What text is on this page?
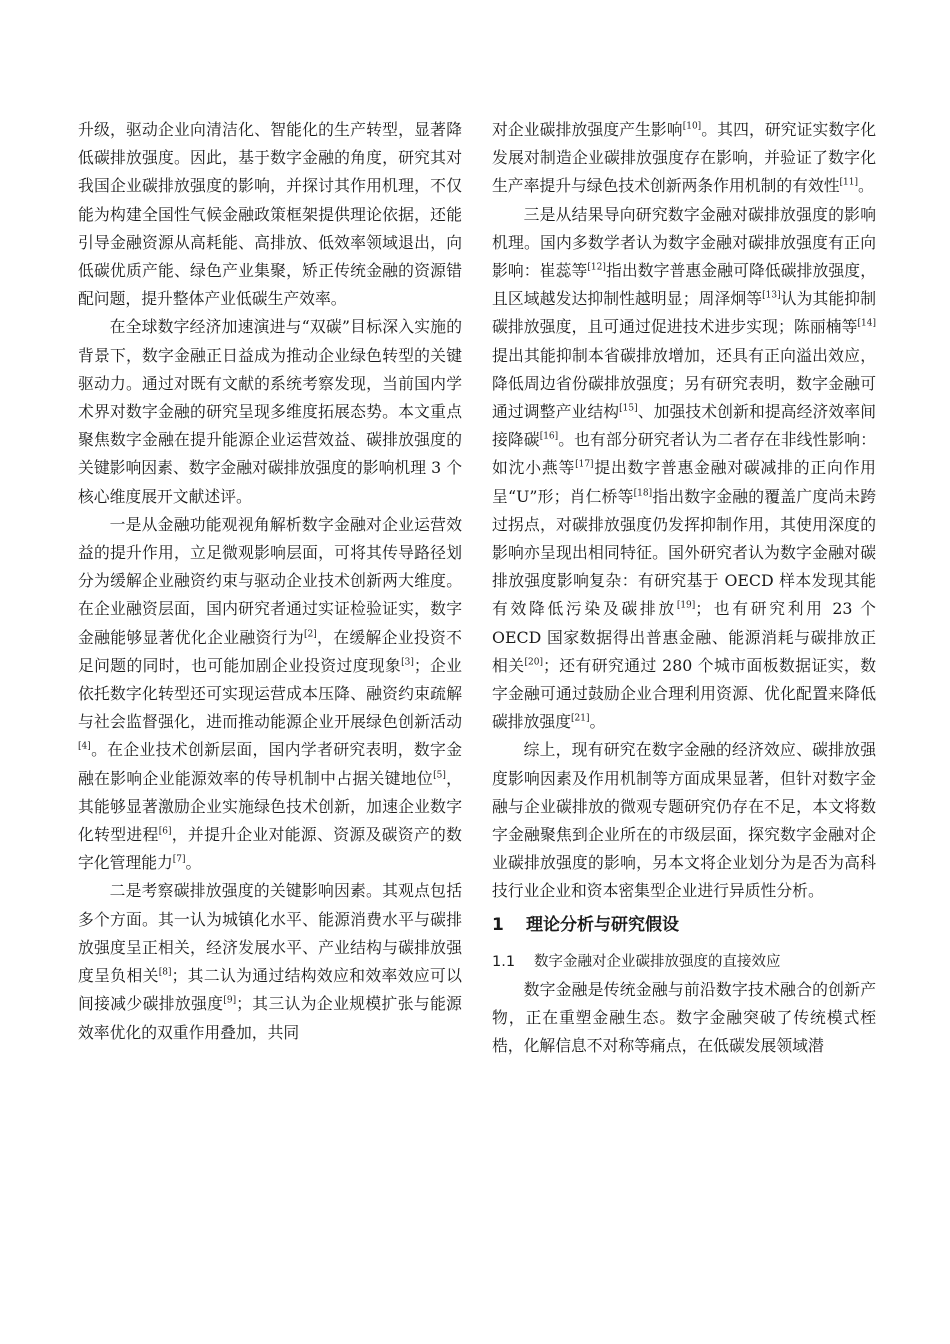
升级，驱动企业向清洁化、智能化的生产转型，显著降低碳排放强度。因此，基于数字金融的角度，研究其对我国企业碳排放强度的影响，并探讨其作用机理，不仅能为构建全国性气候金融政策框架提供理论依据，还能引导金融资源从高耗能、高排放、低效率领域退出，向低碳优质产能、绿色产业集聚，矫正传统金融的资源错配问题，提升整体产业低碳生产效率。

在全球数字经济加速演进与“双碳”目标深入实施的背景下，数字金融正日益成为推动企业绿色转型的关键驱动力。通过对既有文献的系统考察发现，当前国内学术界对数字金融的研究呈现多维度拓展态势。本文重点聚焦数字金融在提升能源企业运营效益、碳排放强度的关键影响因素、数字金融对碳排放强度的影响机理 3 个核心维度展开文献述评。

一是从金融功能观视角解析数字金融对企业运营效益的提升作用，立足微观影响层面，可将其传导路径划分为缓解企业融资约束与驱动企业技术创新两大维度。在企业融资层面，国内研究者通过实证检验证实，数字金融能够显著优化企业融资行为[2]，在缓解企业投资不足问题的同时，也可能加剧企业投资过度现象[3]；企业依托数字化转型还可实现运营成本压降、融资约束疏解与社会监督强化，进而推动能源企业开展绿色创新活动[4]。在企业技术创新层面，国内学者研究表明，数字金融在影响企业能源效率的传导机制中占据关键地位[5]，其能够显著激励企业实施绿色技术创新，加速企业数字化转型进程[6]，并提升企业对能源、资源及碳资产的数字化管理能力[7]。

二是考察碳排放强度的关键影响因素。其观点包括多个方面。其一认为城镇化水平、能源消费水平与碳排放强度呈正相关，经济发展水平、产业结构与碳排放强度呈负相关[8]；其二认为通过结构效应和效率效应可以间接减少碳排放强度[9]；其三认为企业规模扩张与能源效率优化的双重作用叠加，共同

对企业碳排放强度产生影响[10]。其四，研究证实数字化发展对制造企业碳排放强度存在影响，并验证了数字化生产率提升与绿色技术创新两条作用机制的有效性[11]。

三是从结果导向研究数字金融对碳排放强度的影响机理。国内多数学者认为数字金融对碳排放强度有正向影响：崔蕊等[12]指出数字普惠金融可降低碳排放强度，且区域越发达抑制性越明显；周泽炯等[13]认为其能抑制碳排放强度，且可通过促进技术进步实现；陈丽楠等[14]提出其能抑制本省碳排放增加，还具有正向溢出效应，降低周边省份碳排放强度；另有研究表明，数字金融可通过调整产业结构[15]、加强技术创新和提高经济效率间接降碳[16]。也有部分研究者认为二者存在非线性影响：如沈小燕等[17]提出数字普惠金融对碳减排的正向作用呈“U”形；肖仁桥等[18]指出数字金融的覆盖广度尚未跨过拐点，对碳排放强度仍发挥抑制作用，其使用深度的影响亦呈现出相同特征。国外研究者认为数字金融对碳排放强度影响复杂：有研究基于 OECD 样本发现其能有效降低污染及碳排放[19]；也有研究利用 23 个 OECD 国家数据得出普惠金融、能源消耗与碳排放正相关[20]；还有研究通过 280 个城市面板数据证实，数字金融可通过鼓励企业合理利用资源、优化配置来降低碳排放强度[21]。

综上，现有研究在数字金融的经济效应、碳排放强度影响因素及作用机制等方面成果显著，但针对数字金融与企业碳排放的微观专题研究仍存在不足，本文将数字金融聚焦到企业所在的市级层面，探究数字金融对企业碳排放强度的影响，另本文将企业划分为是否为高科技行业企业和资本密集型企业进行异质性分析。

1 理论分析与研究假设
1.1 数字金融对企业碳排放强度的直接效应

数字金融是传统金融与前沿数字技术融合的创新产物，正在重塑金融生态。数字金融突破了传统模式桎梏，化解信息不对称等痛点，在低碳发展领域潜
